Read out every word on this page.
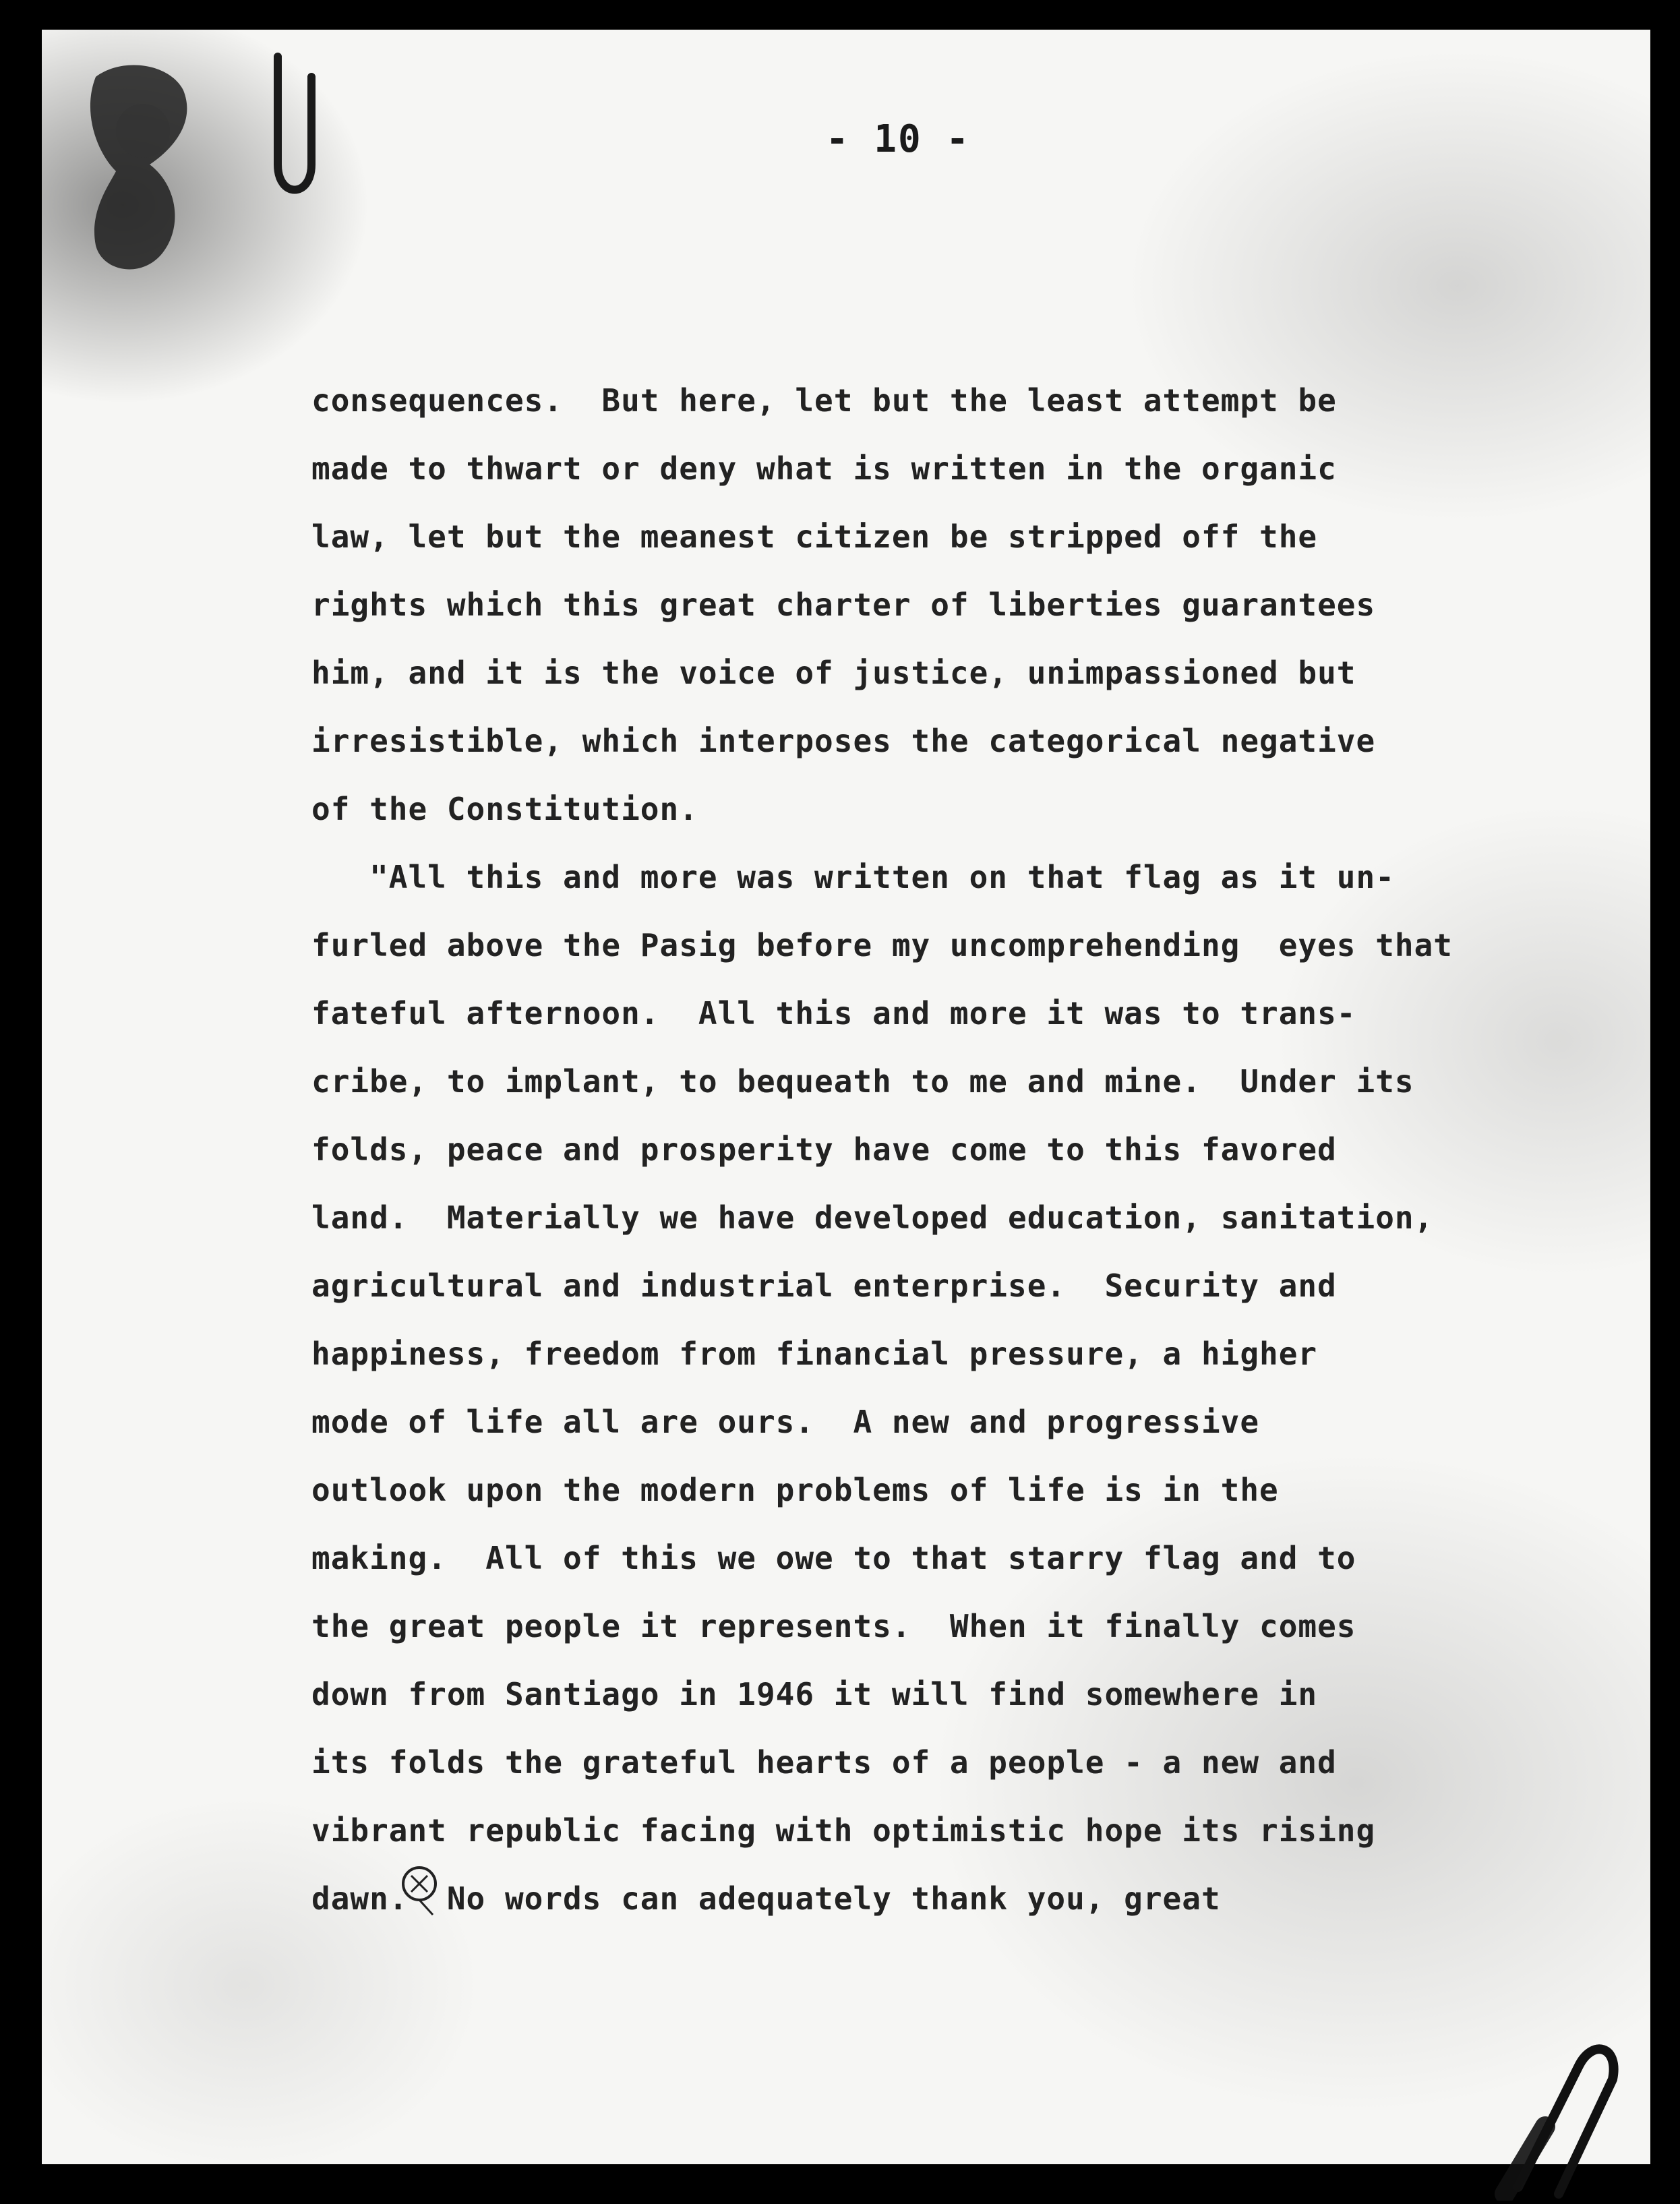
- 10 -
consequences.  But here, let but the least attempt be
made to thwart or deny what is written in the organic
law, let but the meanest citizen be stripped off the
rights which this great charter of liberties guarantees
him, and it is the voice of justice, unimpassioned but
irresistible, which interposes the categorical negative
of the Constitution.
"All this and more was written on that flag as it un-
furled above the Pasig before my uncomprehending  eyes that
fateful afternoon.  All this and more it was to trans-
cribe, to implant, to bequeath to me and mine.  Under its
folds, peace and prosperity have come to this favored
land.  Materially we have developed education, sanitation,
agricultural and industrial enterprise.  Security and
happiness, freedom from financial pressure, a higher
mode of life all are ours.  A new and progressive
outlook upon the modern problems of life is in the
making.  All of this we owe to that starry flag and to
the great people it represents.  When it finally comes
down from Santiago in 1946 it will find somewhere in
its folds the grateful hearts of a people - a new and
vibrant republic facing with optimistic hope its rising
dawn.  No words can adequately thank you, great
